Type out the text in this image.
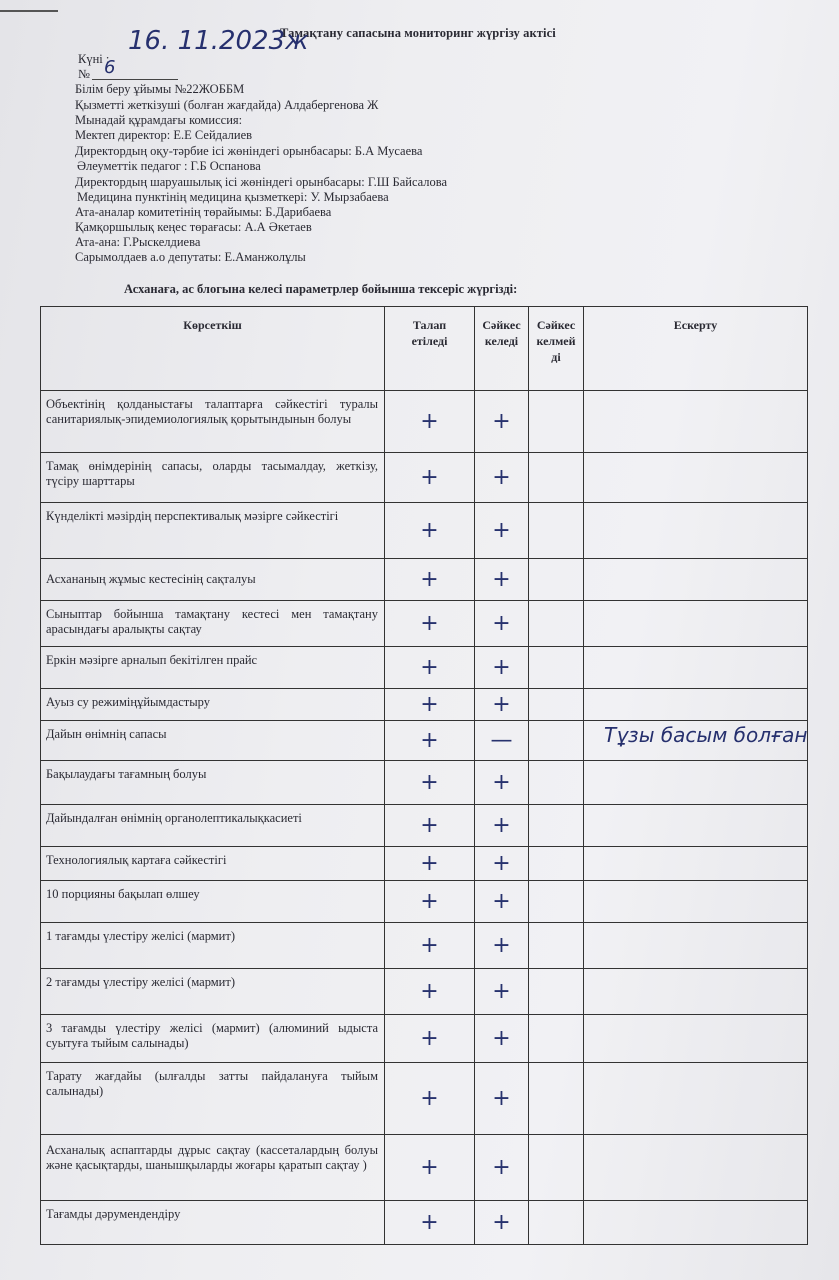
Тамақтану сапасына мониторинг жүргізу актісі
Күні :
16. 11.2023ж
№ 6
Білім беру ұйымы №22ЖОББМ
Қызметті жеткізуші (болған жағдайда) Алдабергенова Ж
Мынадай құрамдағы комиссия:
Мектеп директор: Е.Е Сейдалиев
Директордың оқу-тәрбие ісі жөніндегі орынбасары: Б.А Мусаева
Әлеуметтік педагог : Г.Б Оспанова
Директордың шаруашылық ісі жөніндегі орынбасары: Г.Ш Байсалова
Медицина пунктінің медицина қызметкері: У. Мырзабаева
Ата-аналар комитетінің төрайымы: Б.Дарибаева
Қамқоршылық кеңес төрағасы: А.А Әкетаев
Ата-ана: Г.Рыскелдиева
Сарымолдаев а.о депутаты: Е.Аманжолұлы
Асханаға, ас блогына келесі параметрлер бойынша тексеріс жүргізді:
Көрсеткіш	Талап етіледі	Сәйкес келеді	Сәйкес келмейді	Ескерту
Объектінің қолданыстағы талаптарға сәйкестігі туралы санитариялық-эпидемиологиялық қорытындынын болуы	+	+		
Тамақ өнімдерінің сапасы, оларды тасымалдау, жеткізу, түсіру шарттары	+	+		
Күнделікті мәзірдің перспективалық мәзірге сәйкестігі	+	+		
Асхананың жұмыс кестесінің сақталуы	+	+		
Сыныптар бойынша тамақтану кестесі мен тамақтану арасындағы аралықты сақтау	+	+		
Еркін мәзірге арналып бекітілген прайс	+	+		
Ауыз су режиміңұйымдастыру	+	+		
Дайын өнімнің сапасы	+	—		Тұзы басым болған

Бақылаудағы тағамның болуы	+	+		
Дайындалған өнімнің органолептикалықкасиеті	+	+		
Технологиялық картаға сәйкестігі	+	+		
10 порцияны бақылап өлшеу	+	+		
1 тағамды үлестіру желісі (мармит)	+	+		
2 тағамды үлестіру желісі (мармит)	+	+		
3 тағамды үлестіру желісі (мармит) (алюминий ыдыста суытуға тыйым салынады)	+	+		
Тарату жағдайы (ылғалды затты пайдалануға тыйым салынады)	+	+		
Асханалық аспаптарды дұрыс сақтау (кассеталардың болуы және қасықтарды, шанышқыларды жоғары қаратып сақтау )	+	+		
Тағамды дәрумендендіру	+	+		
